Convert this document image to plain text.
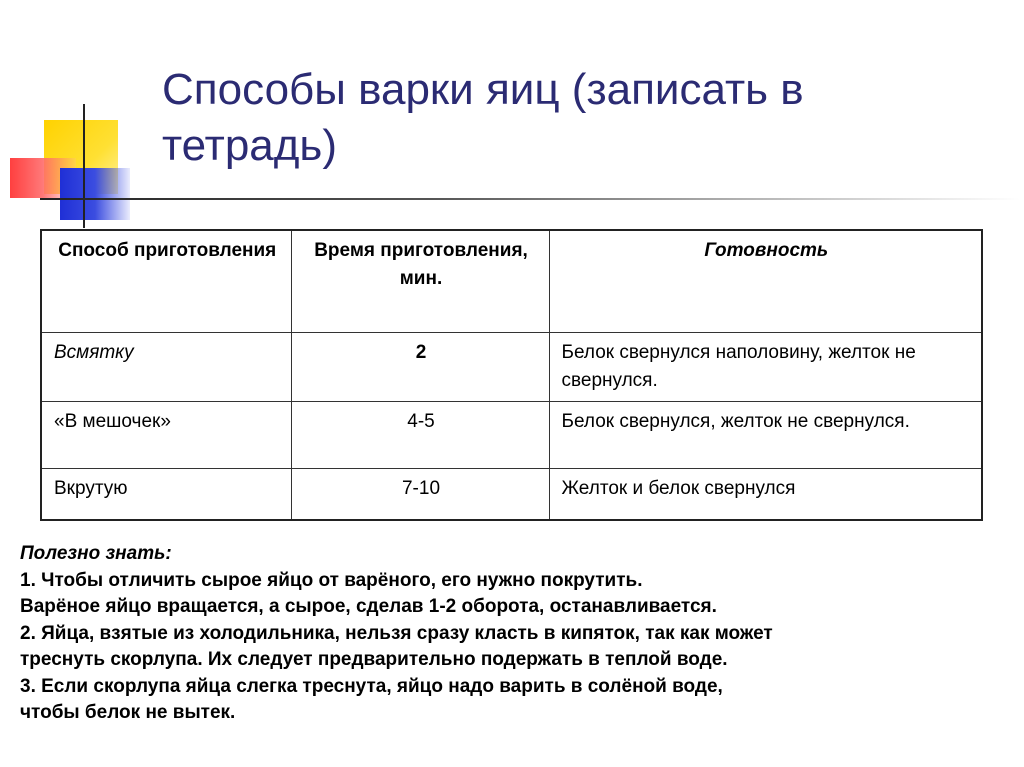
Способы варки яиц (записать в тетрадь)
Способ приготовления	Время приготовления, мин.	Готовность
Всмятку	2	Белок свернулся наполовину, желток не свернулся.
«В мешочек»	4-5	Белок свернулся, желток не свернулся.
Вкрутую	7-10	Желток и белок свернулся
Полезно знать:
1. Чтобы отличить сырое яйцо от варёного, его нужно покрутить.
Варёное яйцо вращается, а сырое, сделав 1-2 оборота, останавливается.
2. Яйца, взятые из холодильника, нельзя сразу класть в кипяток, так как может
треснуть скорлупа. Их следует предварительно подержать в теплой воде.
3. Если скорлупа яйца слегка треснута, яйцо надо варить в солёной воде,
чтобы белок не вытек.
